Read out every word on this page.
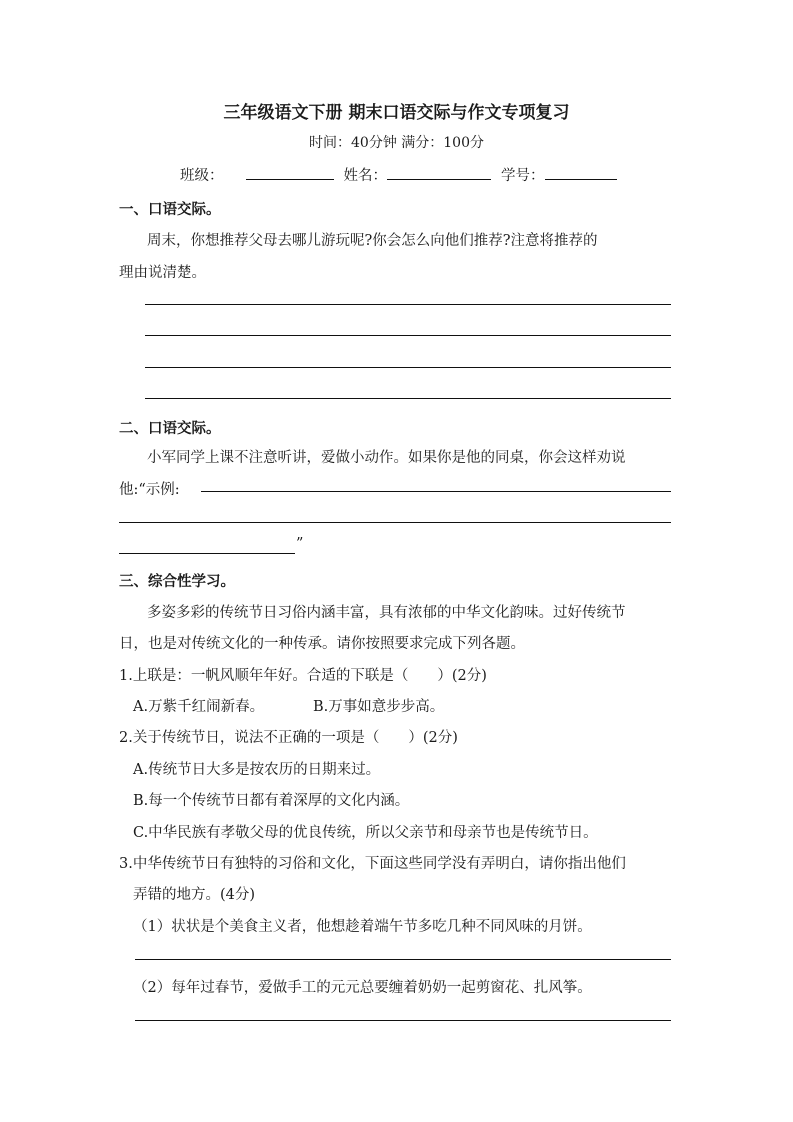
三年级语文下册 期末口语交际与作文专项复习
时间：40分钟 满分：100分
班级：	姓名：	学号：
一、口语交际。
周末，你想推荐父母去哪儿游玩呢?你会怎么向他们推荐?注意将推荐的
理由说清楚。
二、口语交际。
小军同学上课不注意听讲，爱做小动作。如果你是他的同桌，你会这样劝说
他:“示例:
”
三、综合性学习。
多姿多彩的传统节日习俗内涵丰富，具有浓郁的中华文化韵味。过好传统节
日，也是对传统文化的一种传承。请你按照要求完成下列各题。
1.上联是：一帆风顺年年好。合适的下联是（　　）(2分)
A.万紫千红闹新春。	B.万事如意步步高。
2.关于传统节日，说法不正确的一项是（　　）(2分)
A.传统节日大多是按农历的日期来过。
B.每一个传统节日都有着深厚的文化内涵。
C.中华民族有孝敬父母的优良传统，所以父亲节和母亲节也是传统节日。
3.中华传统节日有独特的习俗和文化，下面这些同学没有弄明白，请你指出他们
弄错的地方。(4分)
（1）状状是个美食主义者，他想趁着端午节多吃几种不同风味的月饼。
（2）每年过春节，爱做手工的元元总要缠着奶奶一起剪窗花、扎风筝。
